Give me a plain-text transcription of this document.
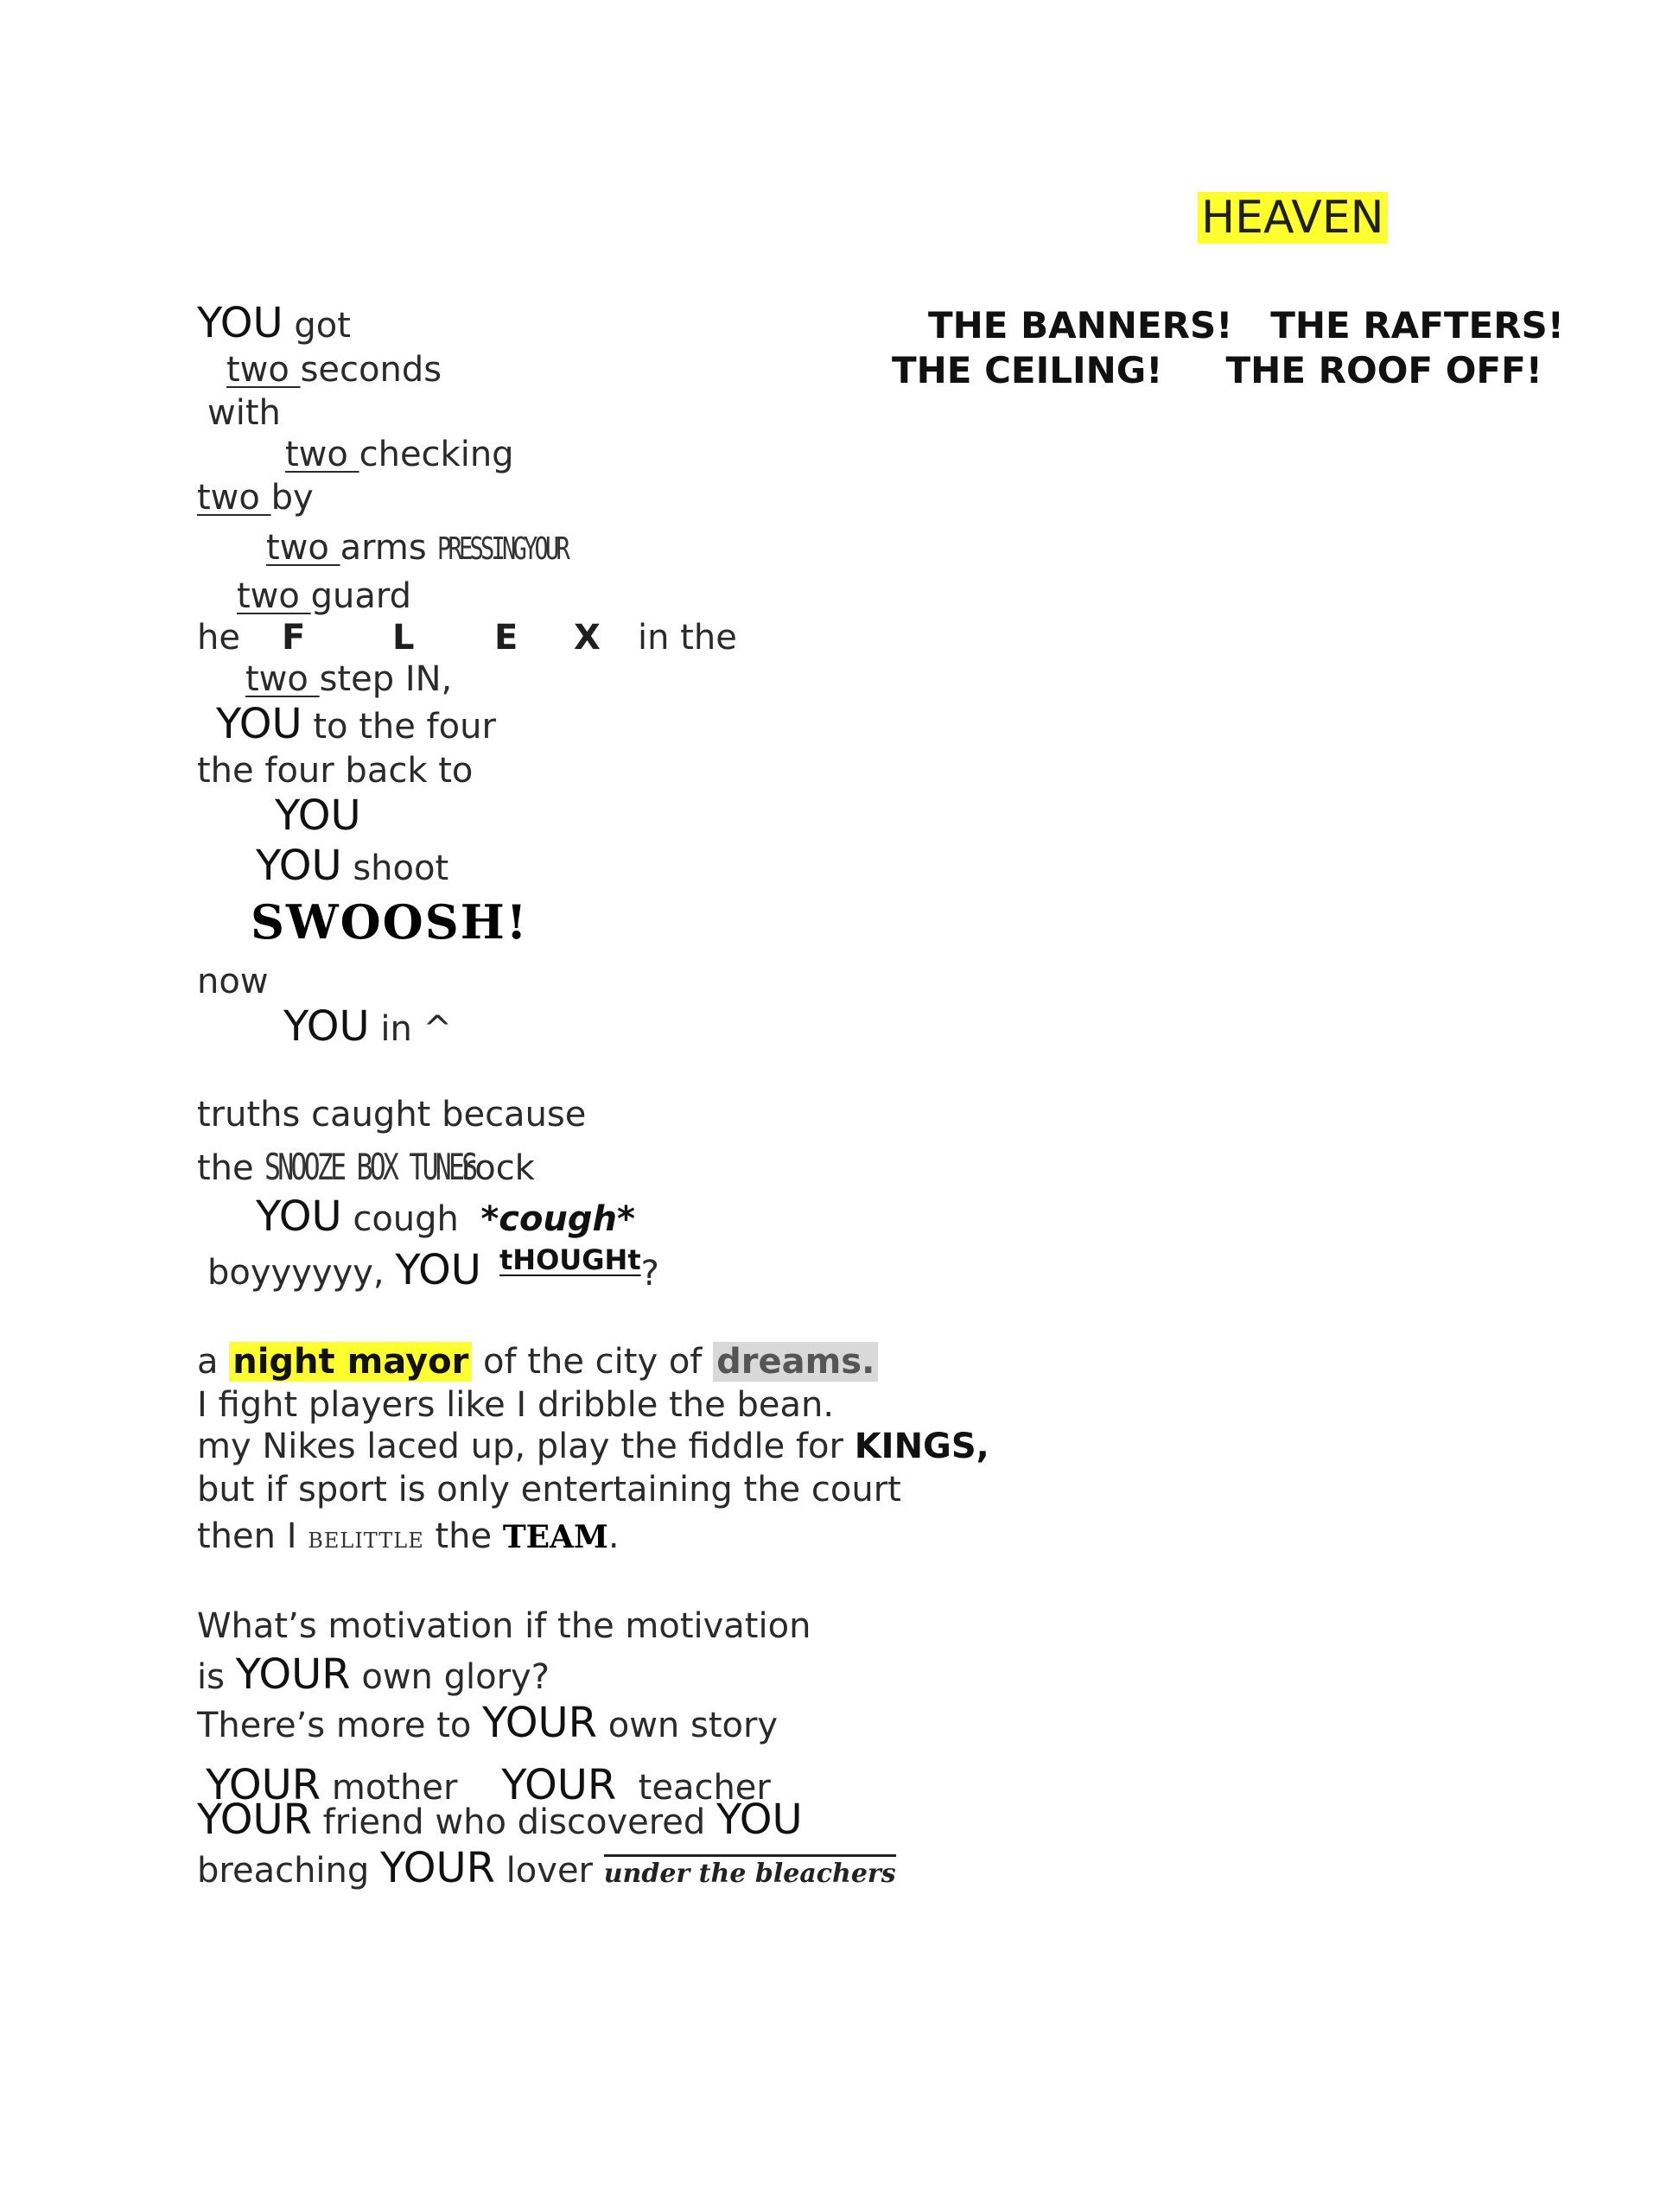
HEAVEN
THE BANNERS!   THE RAFTERS!
THE CEILING!     THE ROOF OFF!
YOU got
two seconds
with
two checking
two by
two arms PRESSINGYOUR
two guard
he F	L E X	in the
two step IN,
YOU to the four
the four back to
YOU
YOU shoot
SWOOSH!
now
YOU in ^
truths caught because
the SNOOZE BOX TUNES rock
YOU cough  *cough*
boyyyyyy, YOU tHOUGHt?
a night mayor of the city of dreams.
I fight players like I dribble the bean.
my Nikes laced up, play the fiddle for KINGS,
but if sport is only entertaining the court
then I BELITTLE the TEAM.
What’s motivation if the motivation
is YOUR own glory?
There’s more to YOUR own story

YOUR mother    YOUR  teacher

YOUR friend who discovered YOU
breaching YOUR lover under the bleachers
